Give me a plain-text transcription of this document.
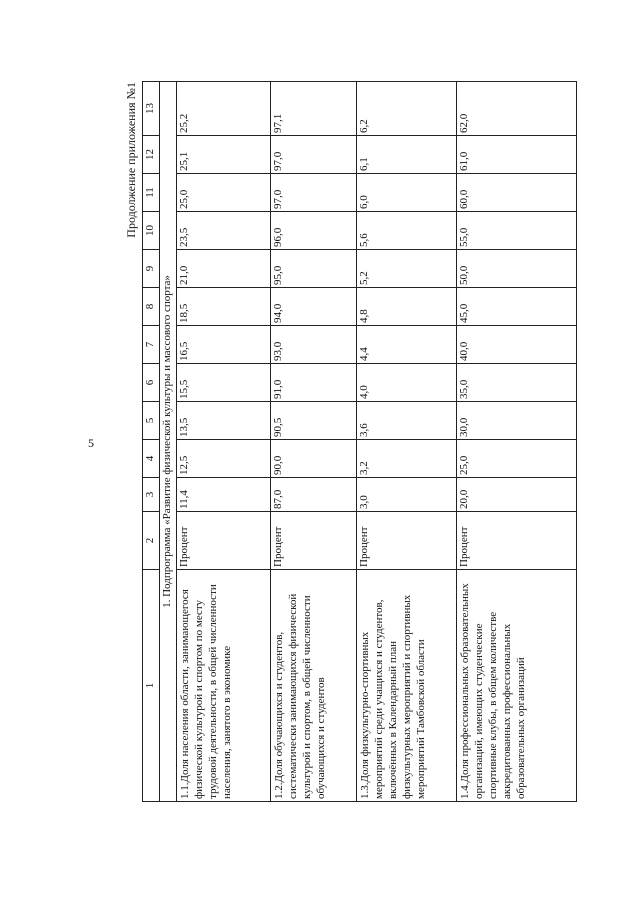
5
Продолжение приложения №1
1	2	3	4	5	6	7	8	9	10	11	12	13
1. Подпрограмма «Развитие физической культуры и массового спорта»												
1.1.Доля населения области, занимающегося физической культурой и спортом по месту трудовой деятельности, в общей численности населения, занятого в экономике	Процент	11,4	12,5	13,5	15,5	16,5	18,5	21,0	23,5	25,0	25,1	25,2
1.2.Доля обучающихся и студентов, систематически занимающихся физической культурой и спортом, в общей численности обучающихся и студентов	Процент	87,0	90,0	90,5	91,0	93,0	94,0	95,0	96,0	97,0	97,0	97,1
1.3.Доля физкультурно-спортивных мероприятий среди учащихся и студентов, включённых в Календарный план физкультурных мероприятий и спортивных мероприятий Тамбовской области	Процент	3,0	3,2	3,6	4,0	4,4	4,8	5,2	5,6	6,0	6,1	6,2
1.4.Доля профессиональных образовательных организаций, имеющих студенческие спортивные клубы, в общем количестве аккредитованных профессиональных образовательных организаций	Процент	20,0	25,0	30,0	35,0	40,0	45,0	50,0	55,0	60,0	61,0	62,0
